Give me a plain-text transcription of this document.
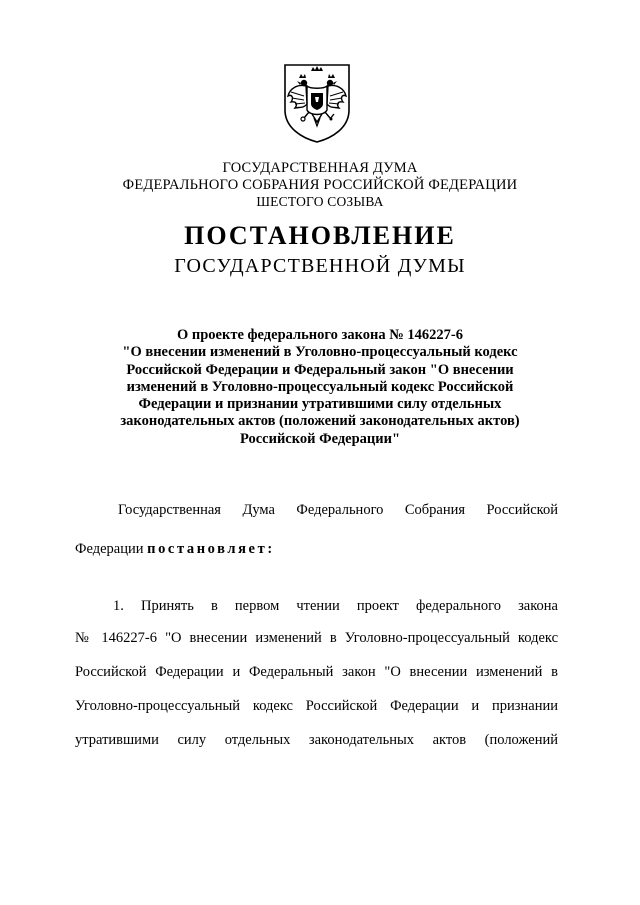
ГОСУДАРСТВЕННАЯ ДУМА
ФЕДЕРАЛЬНОГО СОБРАНИЯ РОССИЙСКОЙ ФЕДЕРАЦИИ
ШЕСТОГО СОЗЫВА
ПОСТАНОВЛЕНИЕ
ГОСУДАРСТВЕННОЙ ДУМЫ
О проекте федерального закона № 146227-6
"О внесении изменений в Уголовно-процессуальный кодекс
Российской Федерации и Федеральный закон "О внесении
изменений в Уголовно-процессуальный кодекс Российской
Федерации и признании утратившими силу отдельных
законодательных актов (положений законодательных актов)
Российской Федерации"
Государственная Дума Федерального Собрания Российской
Федерации постановляет:
1. Принять в первом чтении проект федерального закона
№ 146227-6 "О внесении изменений в Уголовно-процессуальный кодекс
Российской Федерации и Федеральный закон "О внесении изменений в
Уголовно-процессуальный кодекс Российской Федерации и признании
утратившими силу отдельных законодательных актов (положений
